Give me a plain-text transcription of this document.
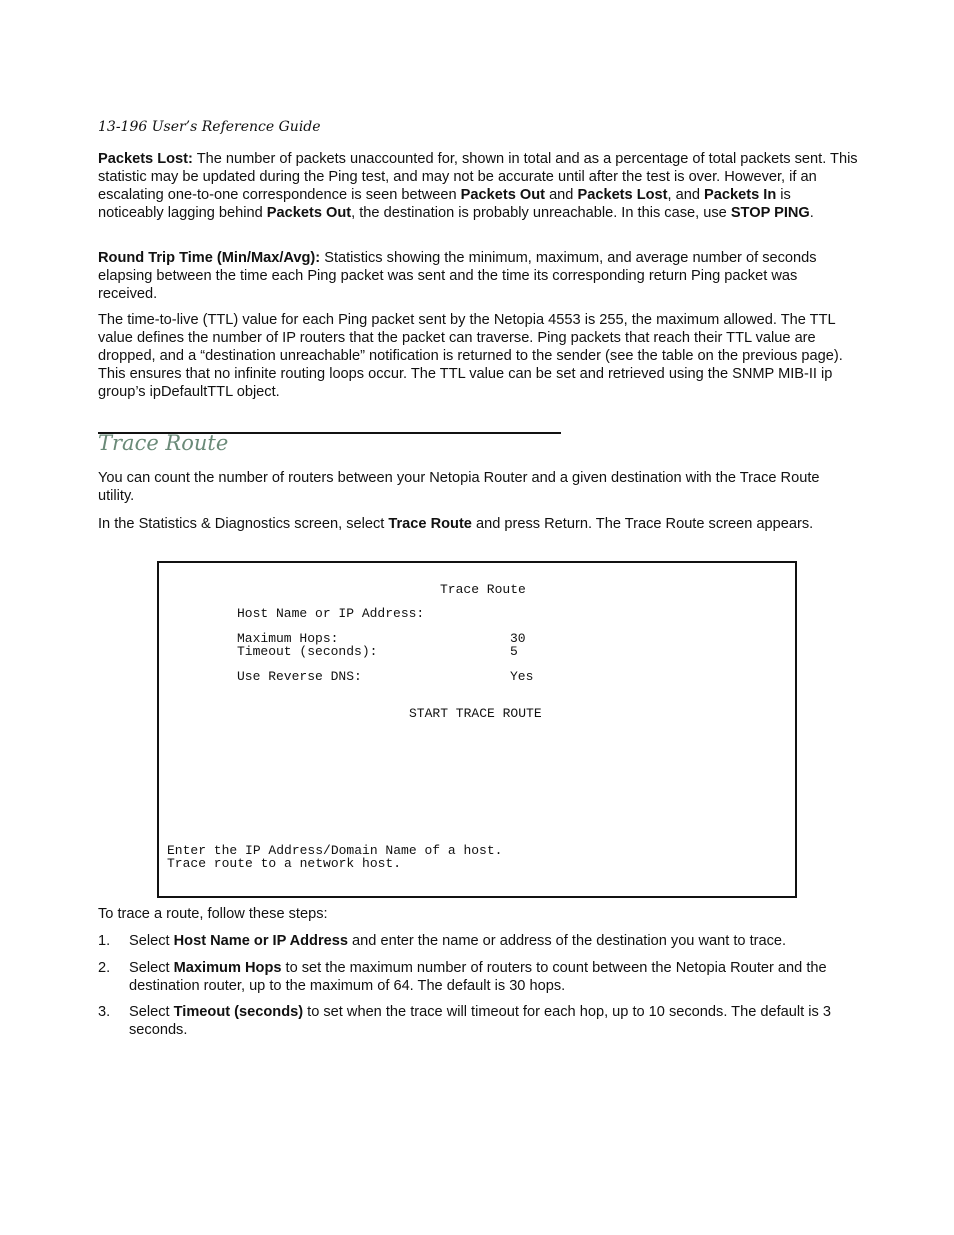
13-196 User’s Reference Guide

Packets Lost: The number of packets unaccounted for, shown in total and as a percentage of total packets sent. This statistic may be updated during the Ping test, and may not be accurate until after the test is over. However, if an escalating one-to-one correspondence is seen between Packets Out and Packets Lost, and Packets In is noticeably lagging behind Packets Out, the destination is probably unreachable. In this case, use STOP PING.

Round Trip Time (Min/Max/Avg): Statistics showing the minimum, maximum, and average number of seconds elapsing between the time each Ping packet was sent and the time its corresponding return Ping packet was received.

The time-to-live (TTL) value for each Ping packet sent by the Netopia 4553 is 255, the maximum allowed. The TTL value defines the number of IP routers that the packet can traverse. Ping packets that reach their TTL value are dropped, and a “destination unreachable” notification is returned to the sender (see the table on the previous page). This ensures that no infinite routing loops occur. The TTL value can be set and retrieved using the SNMP MIB-II ip group’s ipDefaultTTL object.

Trace Route

You can count the number of routers between your Netopia Router and a given destination with the Trace Route utility.

In the Statistics & Diagnostics screen, select Trace Route and press Return. The Trace Route screen appears.

Trace Route
Host Name or IP Address:
Maximum Hops:	30
Timeout (seconds):	5
Use Reverse DNS:	Yes
START TRACE ROUTE
Enter the IP Address/Domain Name of a host.
Trace route to a network host.
To trace a route, follow these steps:
1. Select Host Name or IP Address and enter the name or address of the destination you want to trace.
2. Select Maximum Hops to set the maximum number of routers to count between the Netopia Router and the destination router, up to the maximum of 64. The default is 30 hops.
3. Select Timeout (seconds) to set when the trace will timeout for each hop, up to 10 seconds. The default is 3 seconds.
